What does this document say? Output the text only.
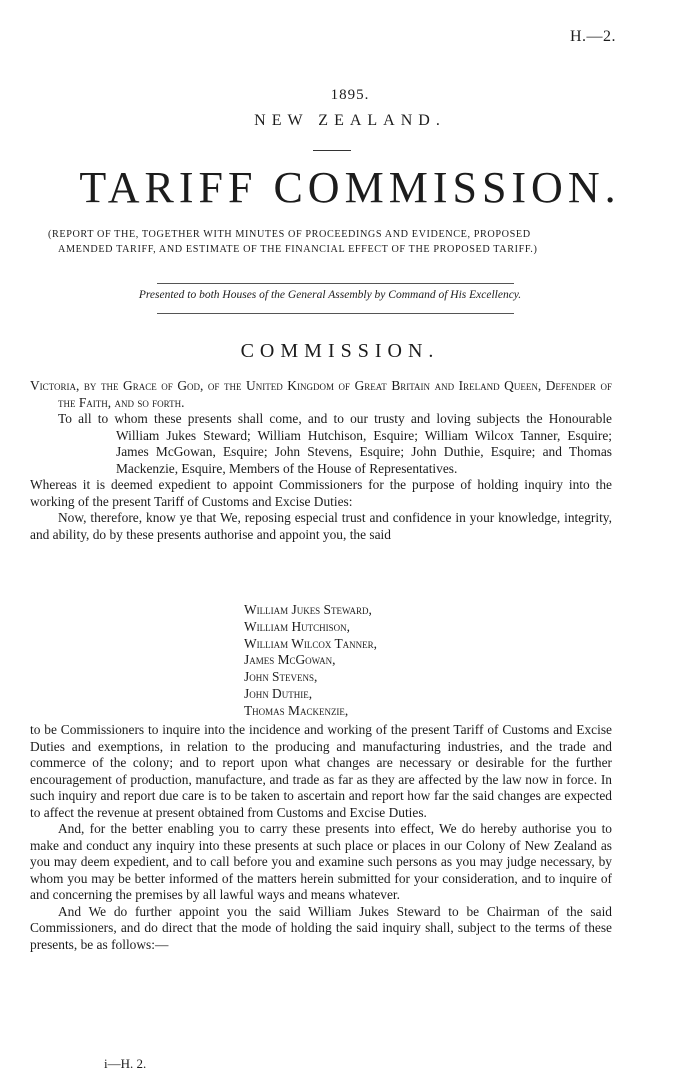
H.—2.
1895.
NEW ZEALAND.
TARIFF COMMISSION.
(REPORT OF THE, TOGETHER WITH MINUTES OF PROCEEDINGS AND EVIDENCE, PROPOSED
AMENDED TARIFF, AND ESTIMATE OF THE FINANCIAL EFFECT OF THE PROPOSED TARIFF.)
Presented to both Houses of the General Assembly by Command of His Excellency.
COMMISSION.
Victoria, by the Grace of God, of the United Kingdom of Great Britain and Ireland Queen, Defender of the Faith, and so forth.
To all to whom these presents shall come, and to our trusty and loving subjects the Honourable William Jukes Steward; William Hutchison, Esquire; William Wilcox Tanner, Esquire; James McGowan, Esquire; John Stevens, Esquire; John Duthie, Esquire; and Thomas Mackenzie, Esquire, Members of the House of Representatives.
Whereas it is deemed expedient to appoint Commissioners for the purpose of holding inquiry into the working of the present Tariff of Customs and Excise Duties:
Now, therefore, know ye that We, reposing especial trust and confidence in your knowledge, integrity, and ability, do by these presents authorise and appoint you, the said
William Jukes Steward,
William Hutchison,
William Wilcox Tanner,
James McGowan,
John Stevens,
John Duthie,
Thomas Mackenzie,
to be Commissioners to inquire into the incidence and working of the present Tariff of Customs and Excise Duties and exemptions, in relation to the producing and manufacturing industries, and the trade and commerce of the colony; and to report upon what changes are necessary or desirable for the further encouragement of production, manufacture, and trade as far as they are affected by the law now in force. In such inquiry and report due care is to be taken to ascertain and report how far the said changes are expected to affect the revenue at present obtained from Customs and Excise Duties.
And, for the better enabling you to carry these presents into effect, We do hereby authorise you to make and conduct any inquiry into these presents at such place or places in our Colony of New Zealand as you may deem expedient, and to call before you and examine such persons as you may judge necessary, by whom you may be better informed of the matters herein submitted for your consideration, and to inquire of and concerning the premises by all lawful ways and means whatever.
And We do further appoint you the said William Jukes Steward to be Chairman of the said Commissioners, and do direct that the mode of holding the said inquiry shall, subject to the terms of these presents, be as follows:—
i—H. 2.
